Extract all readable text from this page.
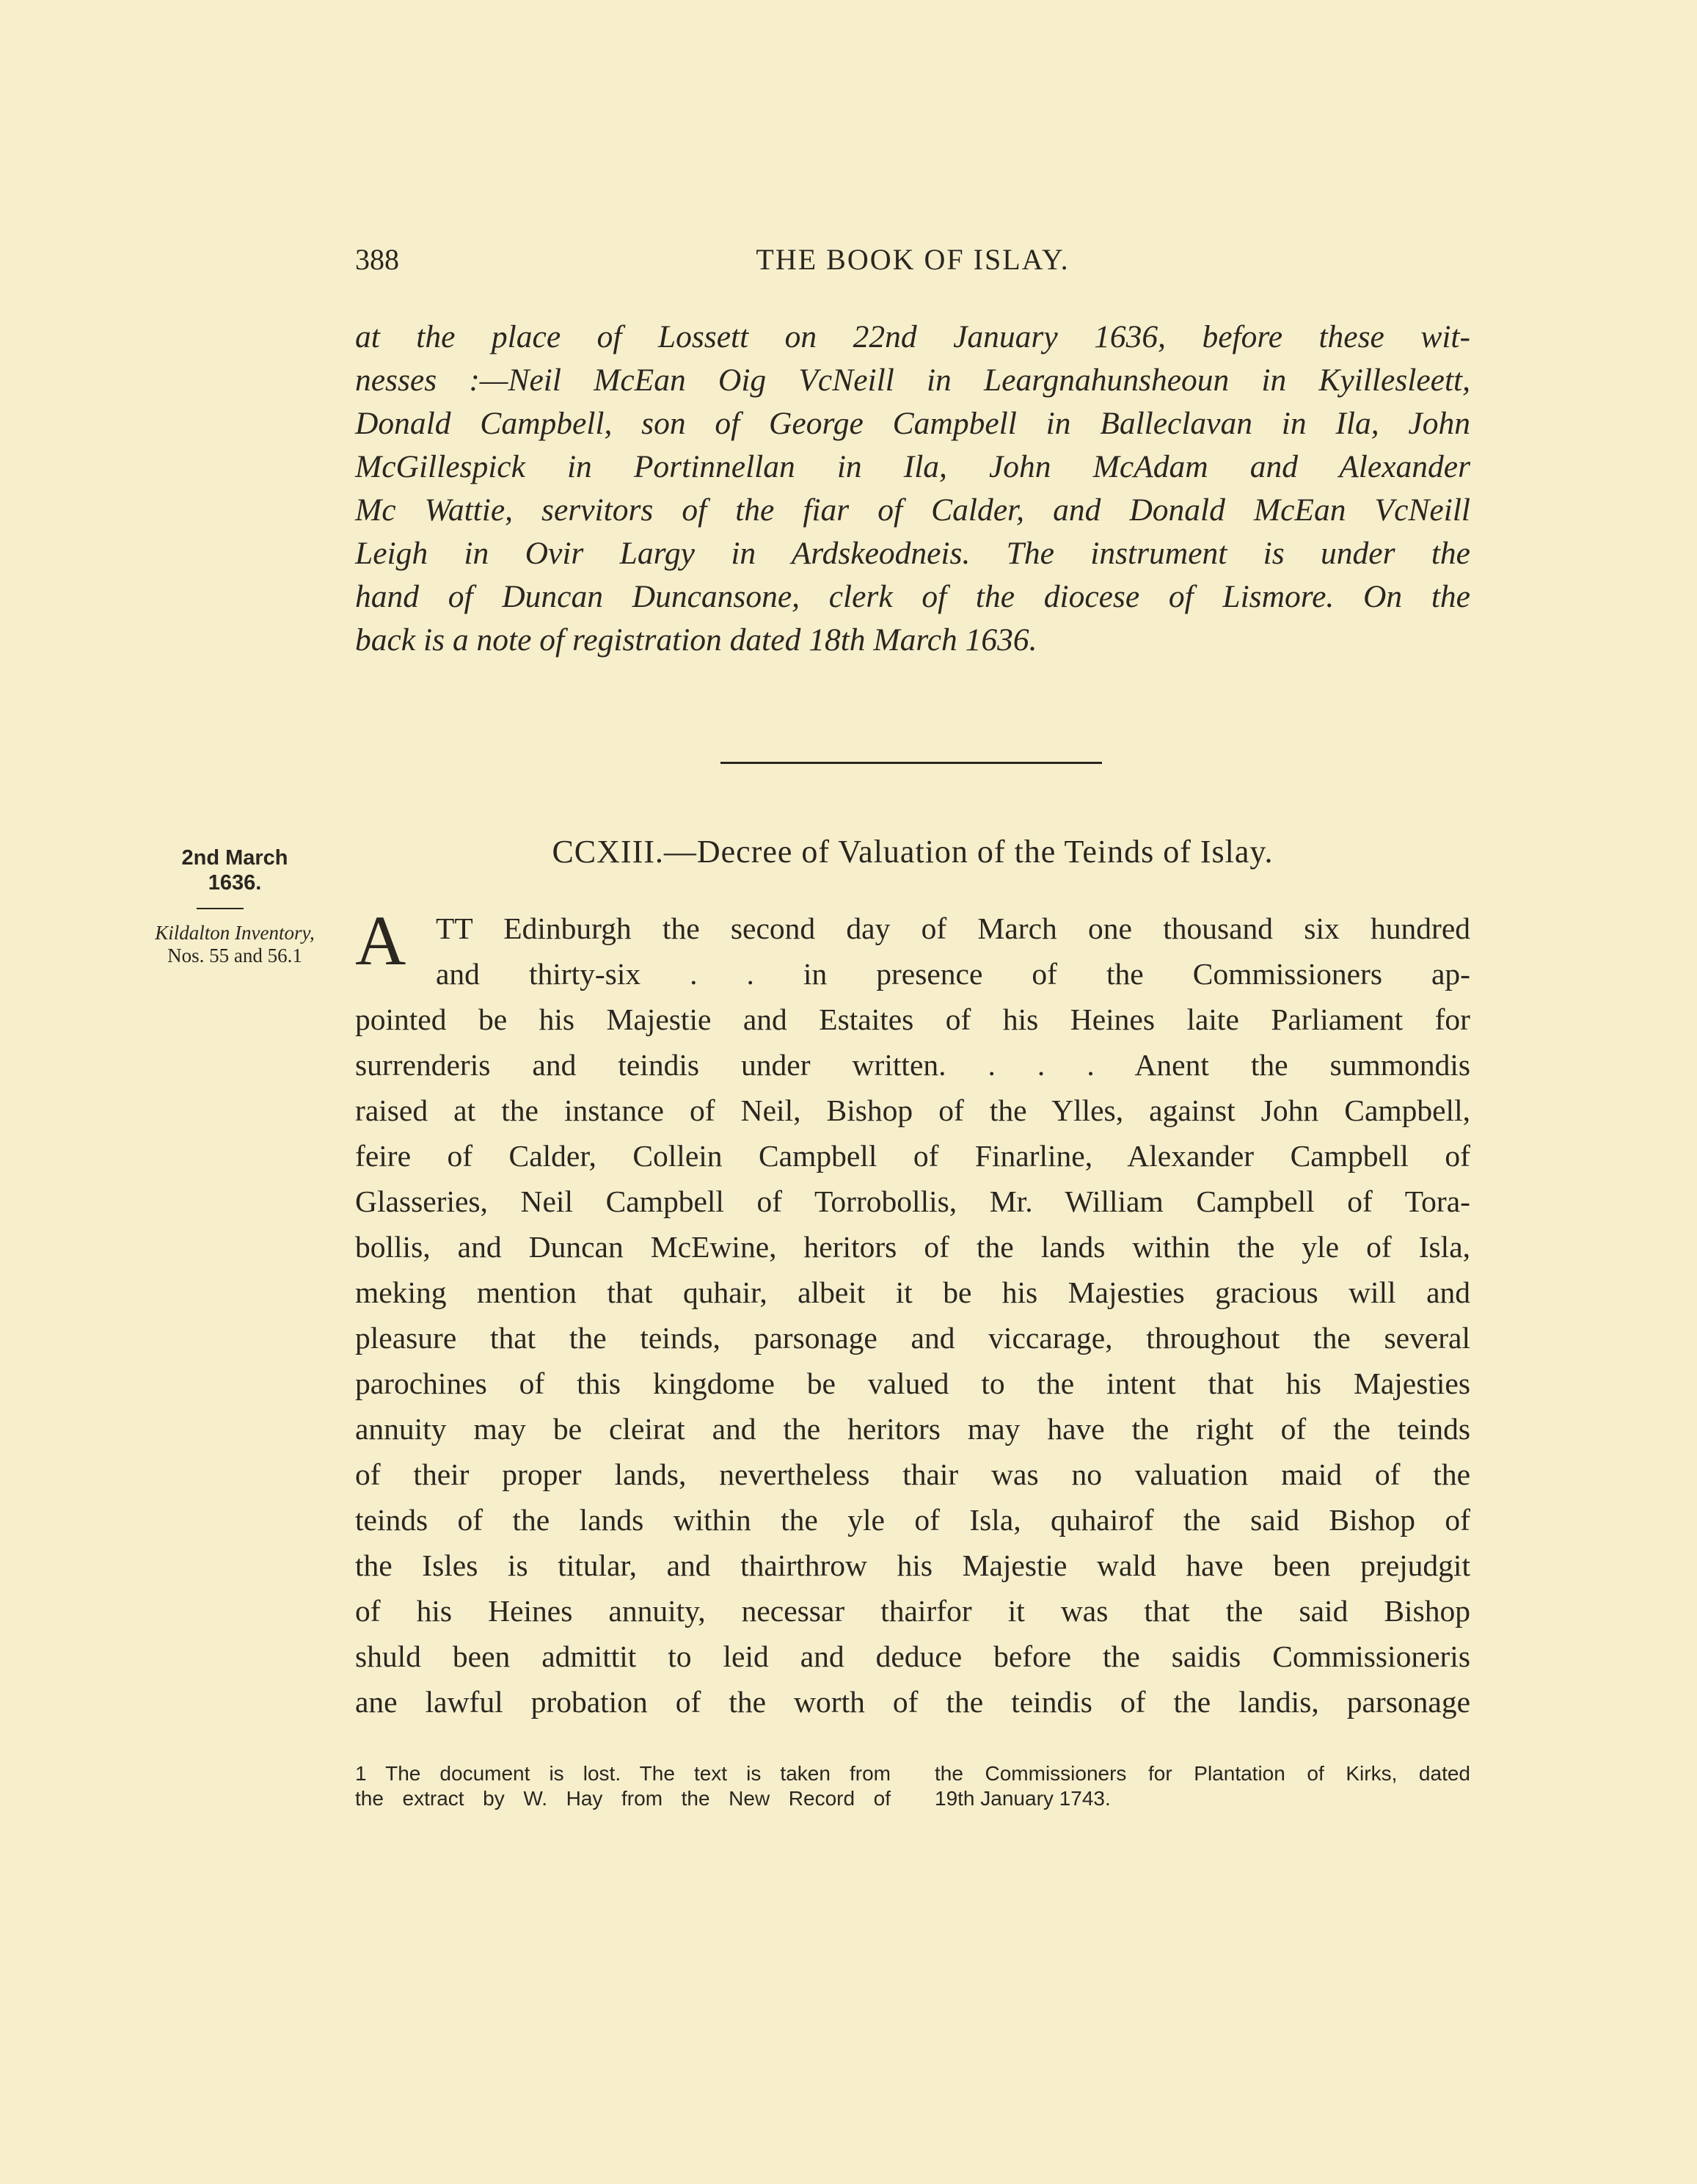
388	THE BOOK OF ISLAY.
at the place of Lossett on 22nd January 1636, before these wit-
nesses :—Neil McEan Oig VcNeill in Leargnahunsheoun in Kyillesleett,
Donald Campbell, son of George Campbell in Balleclavan in Ila, John
McGillespick in Portinnellan in Ila, John McAdam and Alexander
Mc Wattie, servitors of the fiar of Calder, and Donald McEan VcNeill
Leigh in Ovir Largy in Ardskeodneis. The instrument is under the
hand of Duncan Duncansone, clerk of the diocese of Lismore. On the
back is a note of registration dated 18th March 1636.
2nd March
1636.
Kildalton Inventory,
Nos. 55 and 56.1
CCXIII.—Decree of Valuation of the Teinds of Islay.
A TT Edinburgh the second day of March one thousand six hundred
and thirty-six . . in presence of the Commissioners ap-
pointed be his Majestie and Estaites of his Heines laite Parliament for
surrenderis and teindis under written. . . . Anent the summondis
raised at the instance of Neil, Bishop of the Ylles, against John Campbell,
feire of Calder, Collein Campbell of Finarline, Alexander Campbell of
Glasseries, Neil Campbell of Torrobollis, Mr. William Campbell of Tora-
bollis, and Duncan McEwine, heritors of the lands within the yle of Isla,
meking mention that quhair, albeit it be his Majesties gracious will and
pleasure that the teinds, parsonage and viccarage, throughout the several
parochines of this kingdome be valued to the intent that his Majesties
annuity may be cleirat and the heritors may have the right of the teinds
of their proper lands, nevertheless thair was no valuation maid of the
teinds of the lands within the yle of Isla, quhairof the said Bishop of
the Isles is titular, and thairthrow his Majestie wald have been prejudgit
of his Heines annuity, necessar thairfor it was that the said Bishop
shuld been admittit to leid and deduce before the saidis Commissioneris
ane lawful probation of the worth of the teindis of the landis, parsonage
1 The document is lost. The text is taken from
the extract by W. Hay from the New Record of
the Commissioners for Plantation of Kirks, dated
19th January 1743.
